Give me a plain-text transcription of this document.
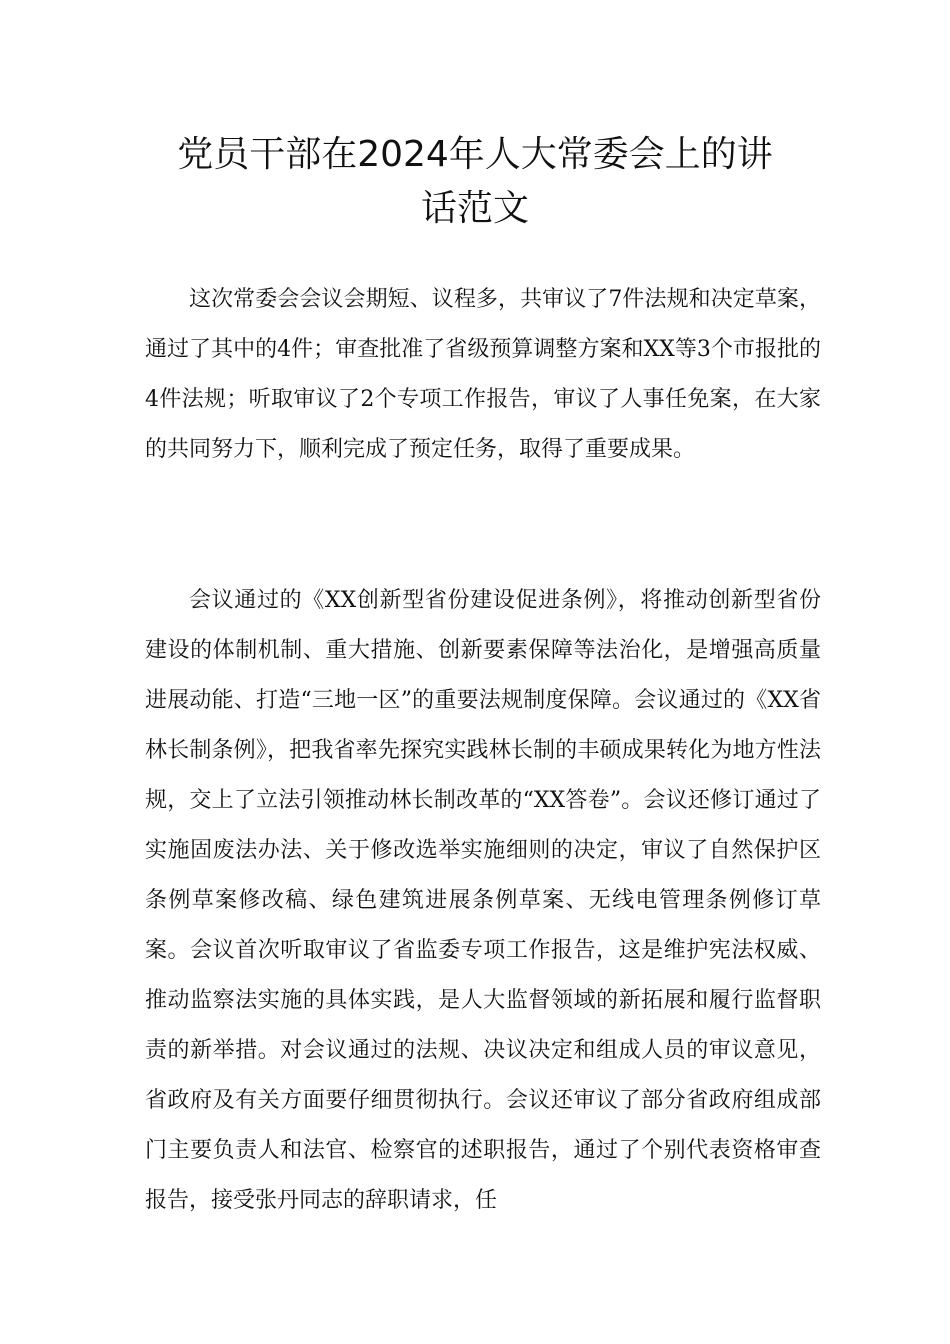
党员干部在2024年人大常委会上的讲
话范文

这次常委会会议会期短、议程多，共审议了7件法规和决定草案，通过了其中的4件；审查批准了省级预算调整方案和XX等3个市报批的4件法规；听取审议了2个专项工作报告，审议了人事任免案，在大家的共同努力下，顺利完成了预定任务，取得了重要成果。

会议通过的《XX创新型省份建设促进条例》，将推动创新型省份建设的体制机制、重大措施、创新要素保障等法治化，是增强高质量进展动能、打造“三地一区”的重要法规制度保障。会议通过的《XX省林长制条例》，把我省率先探究实践林长制的丰硕成果转化为地方性法规，交上了立法引领推动林长制改革的“XX答卷”。会议还修订通过了实施固废法办法、关于修改选举实施细则的决定，审议了自然保护区条例草案修改稿、绿色建筑进展条例草案、无线电管理条例修订草案。会议首次听取审议了省监委专项工作报告，这是维护宪法权威、推动监察法实施的具体实践，是人大监督领域的新拓展和履行监督职责的新举措。对会议通过的法规、决议决定和组成人员的审议意见，省政府及有关方面要仔细贯彻执行。会议还审议了部分省政府组成部门主要负责人和法官、检察官的述职报告，通过了个别代表资格审查报告，接受张丹同志的辞职请求，任
